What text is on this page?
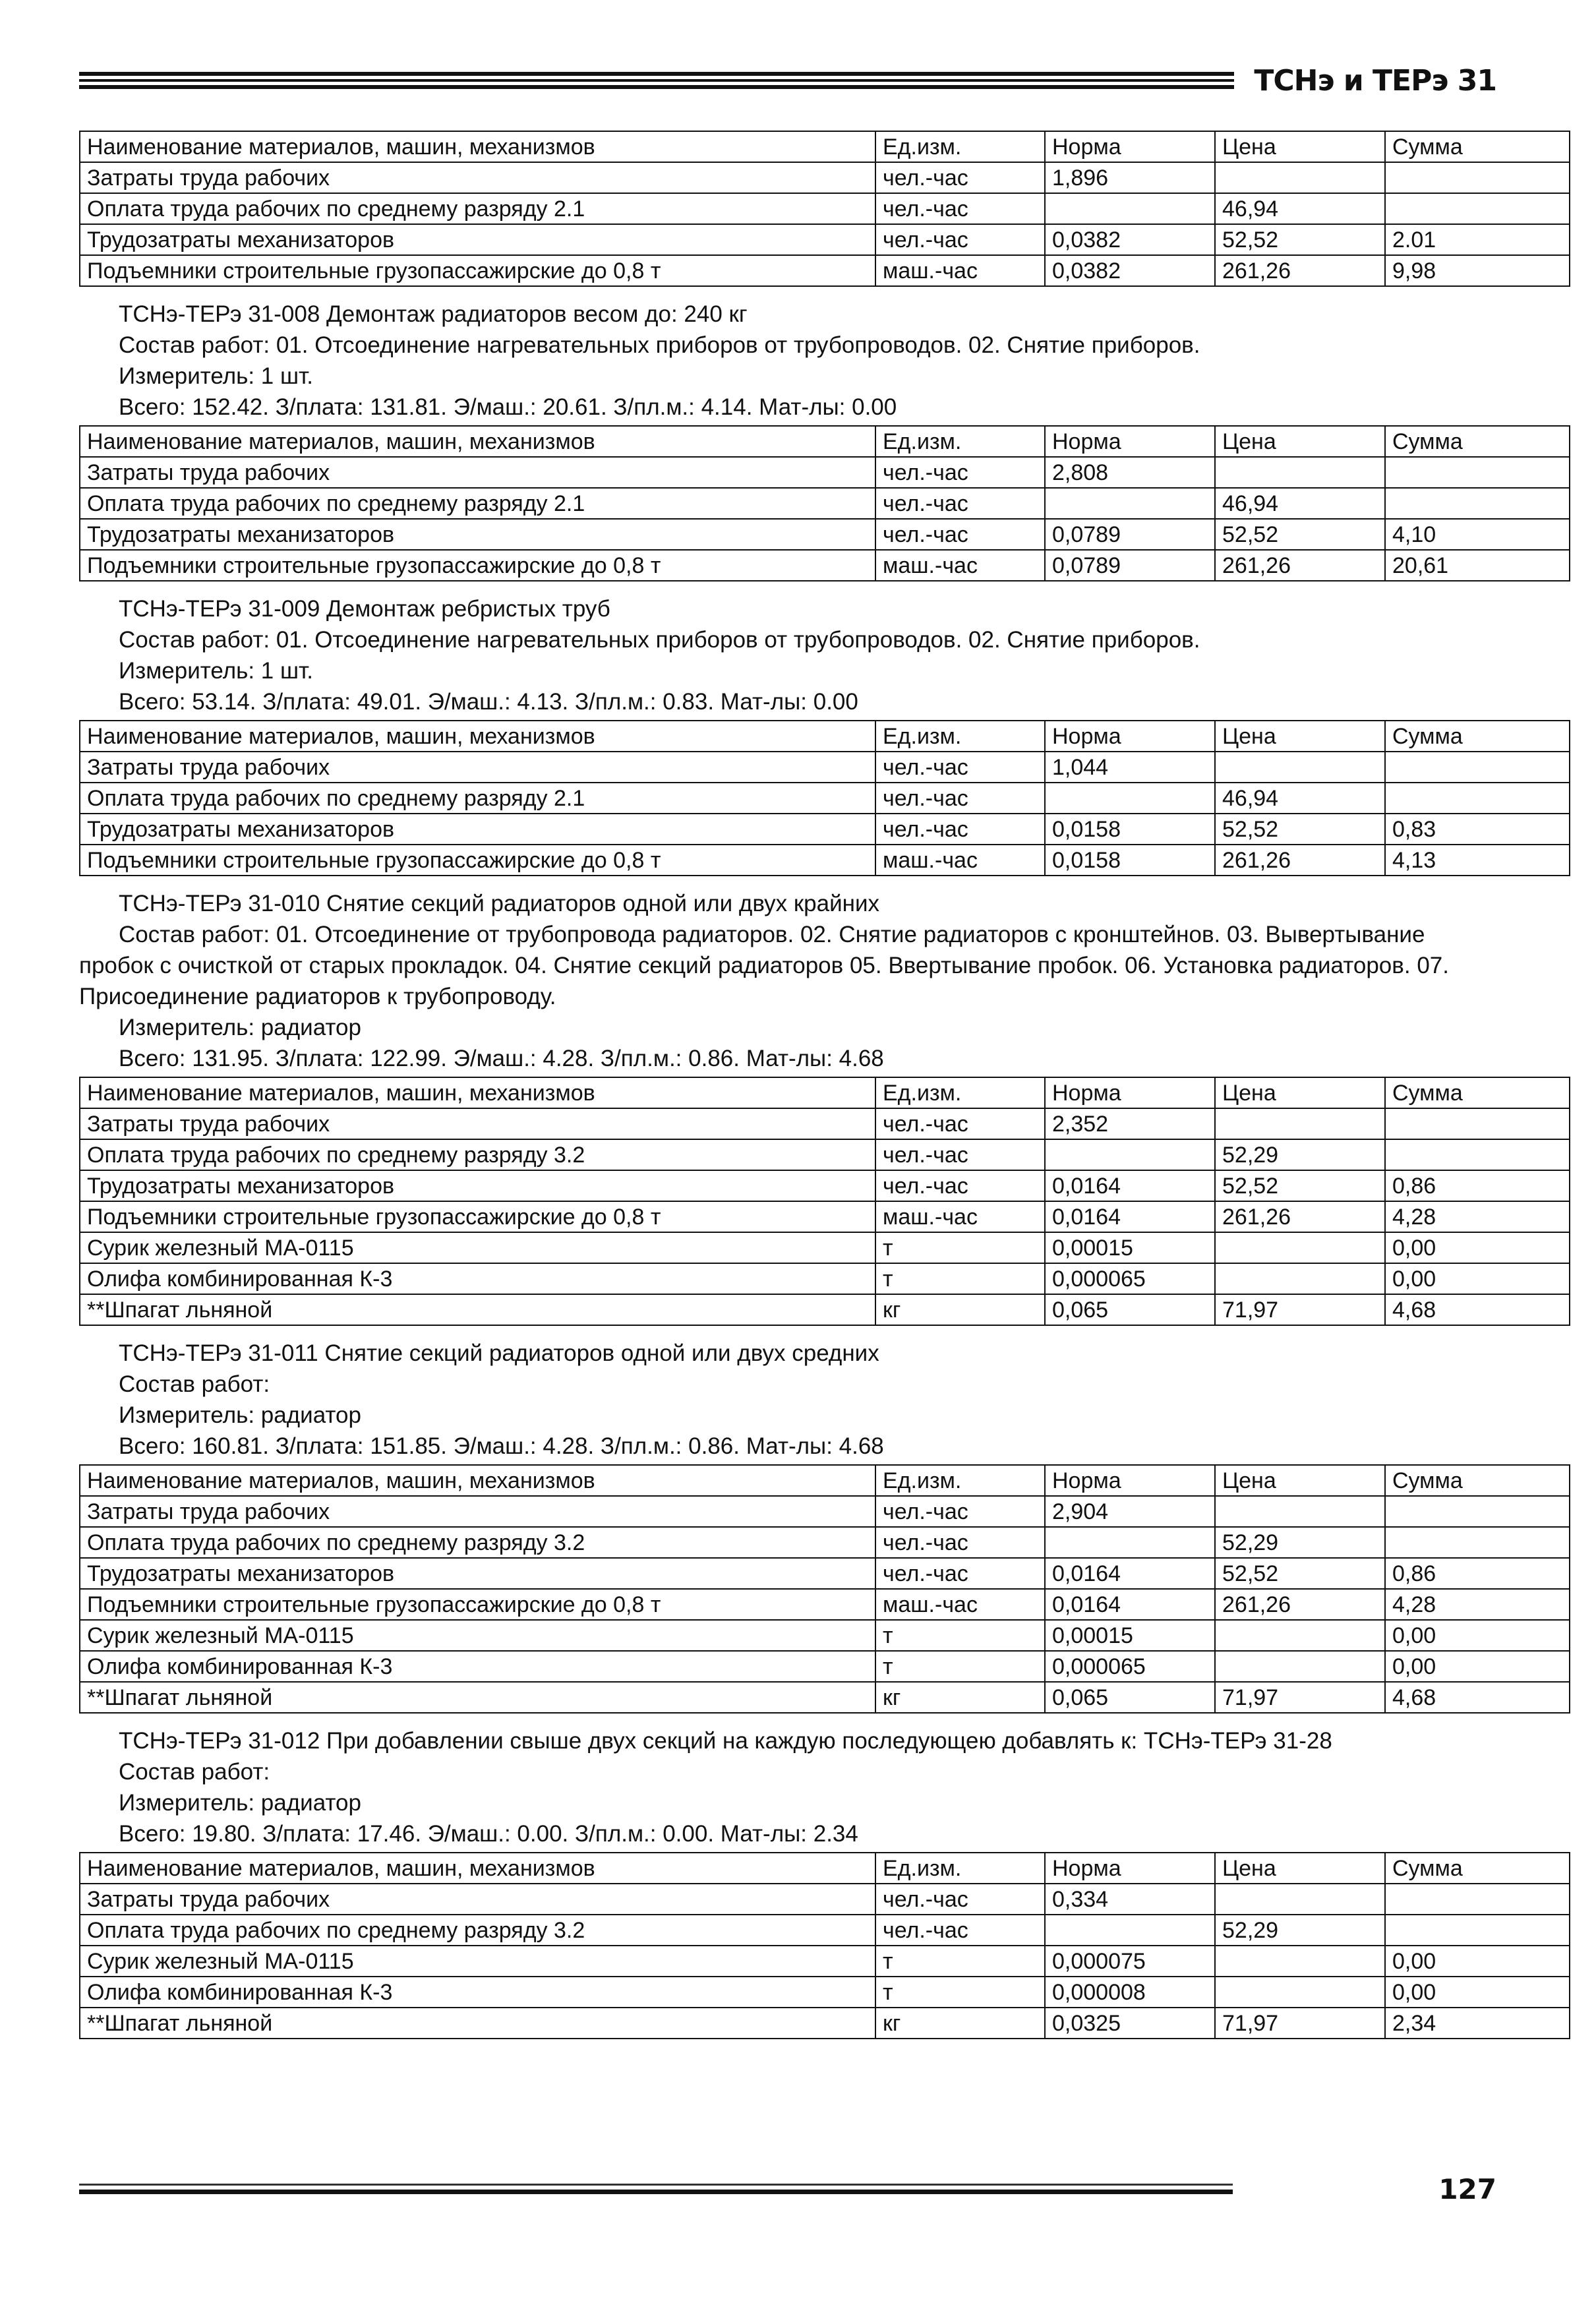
ТСНэ и ТЕРэ 31
Наименование материалов, машин, механизмов	Ед.изм.	Норма	Цена	Сумма
Затраты труда рабочих	чел.-час	1,896		
Оплата труда рабочих по среднему разряду 2.1	чел.-час		46,94	
Трудозатраты механизаторов	чел.-час	0,0382	52,52	2.01
Подъемники строительные грузопассажирские до 0,8 т	маш.-час	0,0382	261,26	9,98
ТСНэ-ТЕРэ 31-008 Демонтаж радиаторов весом до: 240 кг
Состав работ: 01. Отсоединение нагревательных приборов от трубопроводов. 02. Снятие приборов.
Измеритель: 1 шт.
Всего: 152.42. З/плата: 131.81. Э/маш.: 20.61. З/пл.м.: 4.14. Мат-лы: 0.00
Наименование материалов, машин, механизмов	Ед.изм.	Норма	Цена	Сумма
Затраты труда рабочих	чел.-час	2,808		
Оплата труда рабочих по среднему разряду 2.1	чел.-час		46,94	
Трудозатраты механизаторов	чел.-час	0,0789	52,52	4,10
Подъемники строительные грузопассажирские до 0,8 т	маш.-час	0,0789	261,26	20,61
ТСНэ-ТЕРэ 31-009 Демонтаж ребристых труб
Состав работ: 01. Отсоединение нагревательных приборов от трубопроводов. 02. Снятие приборов.
Измеритель: 1 шт.
Всего: 53.14. З/плата: 49.01. Э/маш.: 4.13. З/пл.м.: 0.83. Мат-лы: 0.00
Наименование материалов, машин, механизмов	Ед.изм.	Норма	Цена	Сумма
Затраты труда рабочих	чел.-час	1,044		
Оплата труда рабочих по среднему разряду 2.1	чел.-час		46,94	
Трудозатраты механизаторов	чел.-час	0,0158	52,52	0,83
Подъемники строительные грузопассажирские до 0,8 т	маш.-час	0,0158	261,26	4,13
ТСНэ-ТЕРэ 31-010 Снятие секций радиаторов одной или двух крайних
Состав работ: 01. Отсоединение от трубопровода радиаторов. 02. Снятие радиаторов с кронштейнов. 03. Вывертывание пробок с очисткой от старых прокладок. 04. Снятие секций радиаторов 05. Ввертывание пробок. 06. Установка радиаторов. 07. Присоединение радиаторов к трубопроводу.
Измеритель: радиатор
Всего: 131.95. З/плата: 122.99. Э/маш.: 4.28. З/пл.м.: 0.86. Мат-лы: 4.68
Наименование материалов, машин, механизмов	Ед.изм.	Норма	Цена	Сумма
Затраты труда рабочих	чел.-час	2,352		
Оплата труда рабочих по среднему разряду 3.2	чел.-час		52,29	
Трудозатраты механизаторов	чел.-час	0,0164	52,52	0,86
Подъемники строительные грузопассажирские до 0,8 т	маш.-час	0,0164	261,26	4,28
Сурик железный МА-0115	т	0,00015		0,00
Олифа комбинированная К-3	т	0,000065		0,00
**Шпагат льняной	кг	0,065	71,97	4,68
ТСНэ-ТЕРэ 31-011 Снятие секций радиаторов одной или двух средних
Состав работ:
Измеритель: радиатор
Всего: 160.81. З/плата: 151.85. Э/маш.: 4.28. З/пл.м.: 0.86. Мат-лы: 4.68
Наименование материалов, машин, механизмов	Ед.изм.	Норма	Цена	Сумма
Затраты труда рабочих	чел.-час	2,904		
Оплата труда рабочих по среднему разряду 3.2	чел.-час		52,29	
Трудозатраты механизаторов	чел.-час	0,0164	52,52	0,86
Подъемники строительные грузопассажирские до 0,8 т	маш.-час	0,0164	261,26	4,28
Сурик железный МА-0115	т	0,00015		0,00
Олифа комбинированная К-3	т	0,000065		0,00
**Шпагат льняной	кг	0,065	71,97	4,68
ТСНэ-ТЕРэ 31-012 При добавлении свыше двух секций на каждую последующею добавлять к: ТСНэ-ТЕРэ 31-28
Состав работ:
Измеритель: радиатор
Всего: 19.80. З/плата: 17.46. Э/маш.: 0.00. З/пл.м.: 0.00. Мат-лы: 2.34
Наименование материалов, машин, механизмов	Ед.изм.	Норма	Цена	Сумма
Затраты труда рабочих	чел.-час	0,334		
Оплата труда рабочих по среднему разряду 3.2	чел.-час		52,29	
Сурик железный МА-0115	т	0,000075		0,00
Олифа комбинированная К-3	т	0,000008		0,00
**Шпагат льняной	кг	0,0325	71,97	2,34
127
